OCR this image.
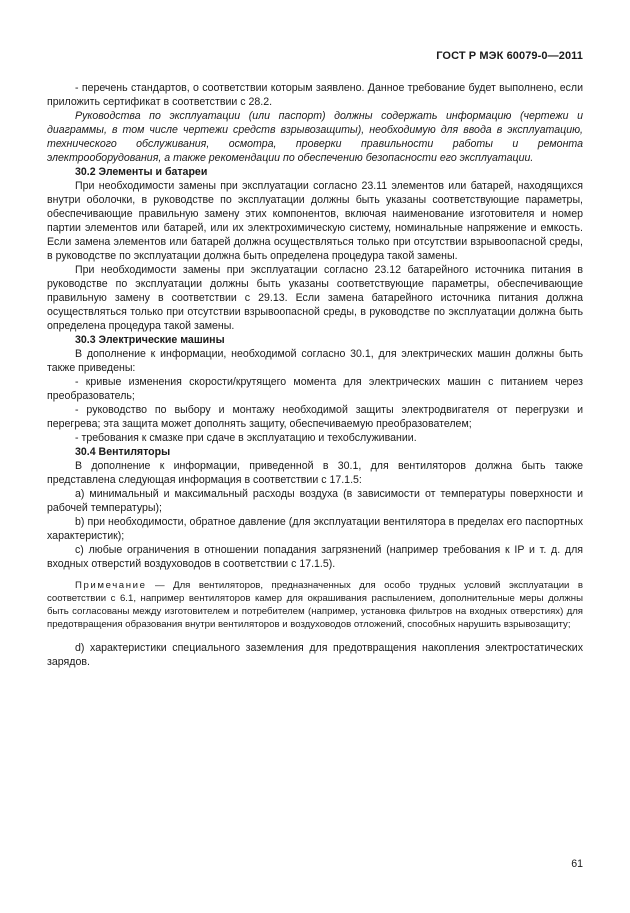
ГОСТ Р МЭК 60079-0—2011

- перечень стандартов, о соответствии которым заявлено. Данное требование будет выполнено, если приложить сертификат в соответствии с 28.2.

Руководства по эксплуатации (или паспорт) должны содержать информацию (чертежи и диаграммы, в том числе чертежи средств взрывозащиты), необходимую для ввода в эксплуатацию, технического обслуживания, осмотра, проверки правильности работы и ремонта электрооборудования, а также рекомендации по обеспечению безопасности его эксплуатации.

30.2 Элементы и батареи

При необходимости замены при эксплуатации согласно 23.11 элементов или батарей, находящихся внутри оболочки, в руководстве по эксплуатации должны быть указаны соответствующие параметры, обеспечивающие правильную замену этих компонентов, включая наименование изготовителя и номер партии элементов или батарей, или их электрохимическую систему, номинальные напряжение и емкость. Если замена элементов или батарей должна осуществляться только при отсутствии взрывоопасной среды, в руководстве по эксплуатации должна быть определена процедура такой замены.

При необходимости замены при эксплуатации согласно 23.12 батарейного источника питания в руководстве по эксплуатации должны быть указаны соответствующие параметры, обеспечивающие правильную замену в соответствии с 29.13. Если замена батарейного источника питания должна осуществляться только при отсутствии взрывоопасной среды, в руководстве по эксплуатации должна быть определена процедура такой замены.

30.3 Электрические машины

В дополнение к информации, необходимой согласно 30.1, для электрических машин должны быть также приведены:

- кривые изменения скорости/крутящего момента для электрических машин с питанием через преобразователь;

- руководство по выбору и монтажу необходимой защиты электродвигателя от перегрузки и перегрева; эта защита может дополнять защиту, обеспечиваемую преобразователем;

- требования к смазке при сдаче в эксплуатацию и техобслуживании.

30.4 Вентиляторы

В дополнение к информации, приведенной в 30.1, для вентиляторов должна быть также представлена следующая информация в соответствии с 17.1.5:

a) минимальный и максимальный расходы воздуха (в зависимости от температуры поверхности и рабочей температуры);

b) при необходимости, обратное давление (для эксплуатации вентилятора в пределах его паспортных характеристик);

c) любые ограничения в отношении попадания загрязнений (например требования к IP и т. д. для входных отверстий воздуховодов в соответствии с 17.1.5).

Примечание — Для вентиляторов, предназначенных для особо трудных условий эксплуатации в соответствии с 6.1, например вентиляторов камер для окрашивания распылением, дополнительные меры должны быть согласованы между изготовителем и потребителем (например, установка фильтров на входных отверстиях) для предотвращения образования внутри вентиляторов и воздуховодов отложений, способных нарушить взрывозащиту;

d) характеристики специального заземления для предотвращения накопления электростатических зарядов.

61
